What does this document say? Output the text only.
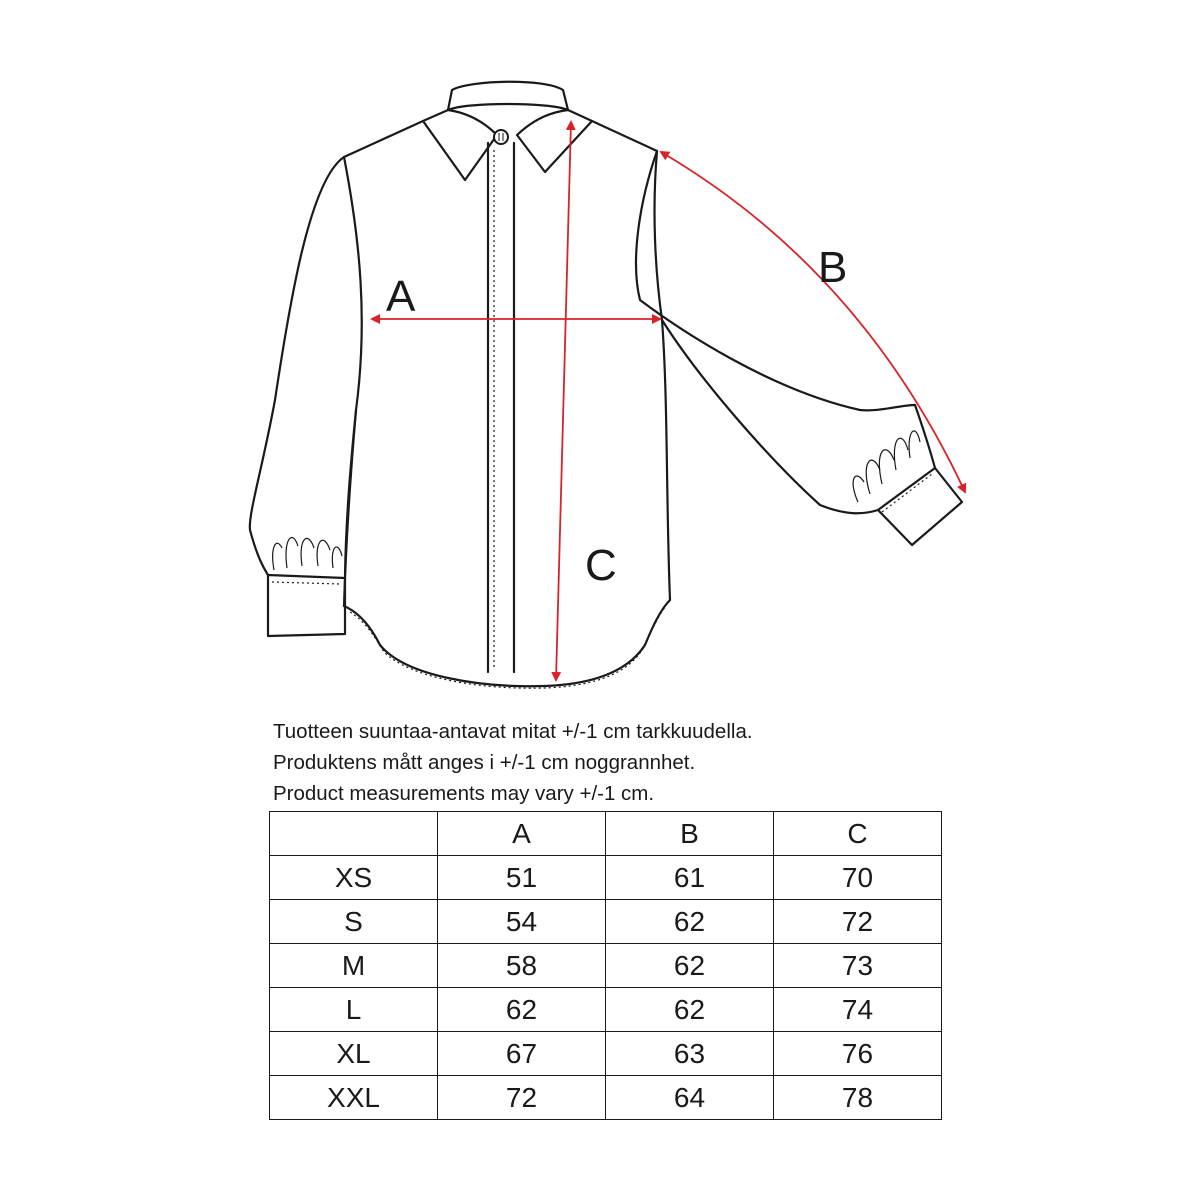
A
B
C
Tuotteen suuntaa-antavat mitat +/-1 cm tarkkuudella.
Produktens mått anges i +/-1 cm noggrannhet.
Product measurements may vary +/-1 cm.
	A	B	C
XS	51	61	70
S	54	62	72
M	58	62	73
L	62	62	74
XL	67	63	76
XXL	72	64	78
